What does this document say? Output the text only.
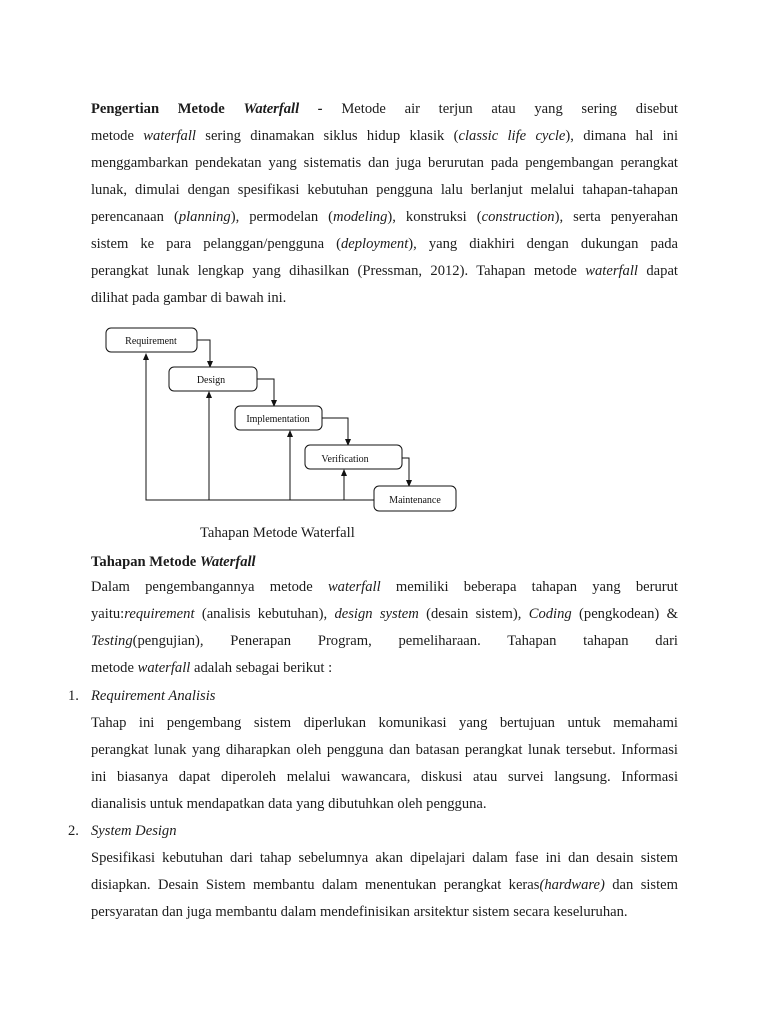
Pengertian Metode Waterfall - Metode air terjun atau yang sering disebut
metode waterfall sering dinamakan siklus hidup klasik (classic life cycle), dimana hal ini
menggambarkan pendekatan yang sistematis dan juga berurutan pada pengembangan perangkat
lunak, dimulai dengan spesifikasi kebutuhan pengguna lalu berlanjut melalui tahapan-tahapan
perencanaan (planning), permodelan (modeling), konstruksi (construction), serta penyerahan
sistem ke para pelanggan/pengguna (deployment), yang diakhiri dengan dukungan pada
perangkat lunak lengkap yang dihasilkan (Pressman, 2012). Tahapan metode waterfall dapat
dilihat pada gambar di bawah ini.
Requirement
Design
Implementation
Verification
Maintenance
Tahapan Metode Waterfall
Tahapan Metode Waterfall
Dalam pengembangannya metode waterfall memiliki beberapa tahapan yang berurut
yaitu:requirement (analisis kebutuhan), design system (desain sistem), Coding (pengkodean) &
Testing(pengujian), Penerapan Program, pemeliharaan. Tahapan tahapan dari
metode waterfall adalah sebagai berikut :
1. Requirement Analisis
Tahap ini pengembang sistem diperlukan komunikasi yang bertujuan untuk memahami
perangkat lunak yang diharapkan oleh pengguna dan batasan perangkat lunak tersebut. Informasi
ini biasanya dapat diperoleh melalui wawancara, diskusi atau survei langsung. Informasi
dianalisis untuk mendapatkan data yang dibutuhkan oleh pengguna.
2. System Design
Spesifikasi kebutuhan dari tahap sebelumnya akan dipelajari dalam fase ini dan desain sistem
disiapkan. Desain Sistem membantu dalam menentukan perangkat keras(hardware) dan sistem
persyaratan dan juga membantu dalam mendefinisikan arsitektur sistem secara keseluruhan.
